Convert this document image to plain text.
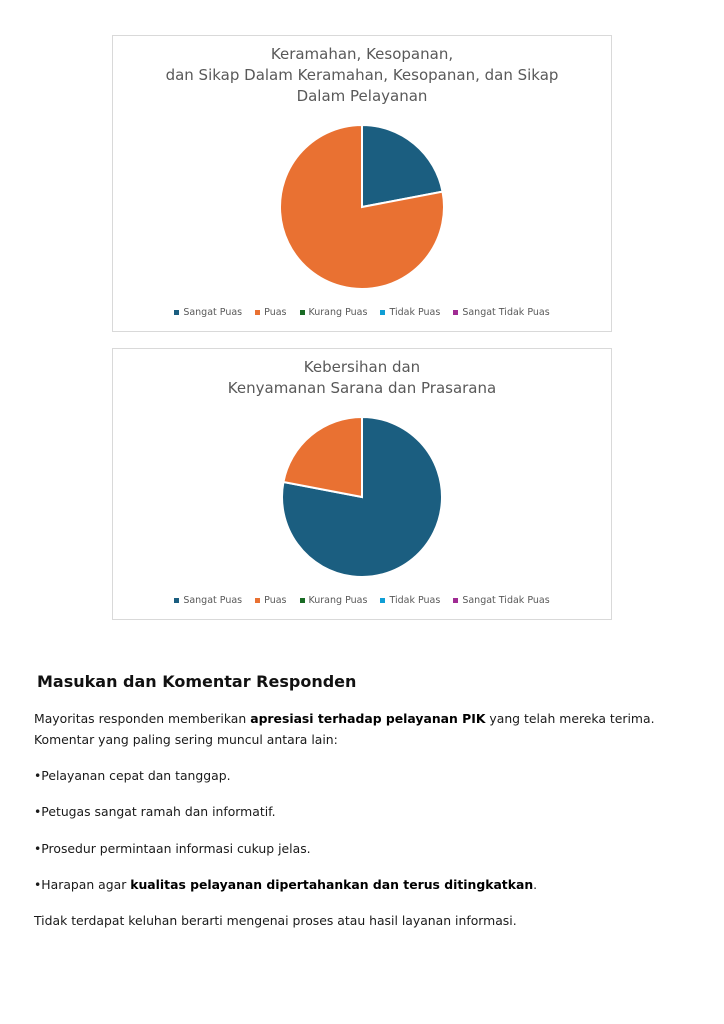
Keramahan, Kesopanan,
dan Sikap Dalam Keramahan, Kesopanan, dan Sikap
Dalam Pelayanan
Sangat Puas Puas Kurang Puas Tidak Puas Sangat Tidak Puas
Kebersihan dan
Kenyamanan Sarana dan Prasarana
Sangat Puas Puas Kurang Puas Tidak Puas Sangat Tidak Puas
Masukan dan Komentar Responden
Mayoritas responden memberikan apresiasi terhadap pelayanan PIK yang telah mereka terima.
Komentar yang paling sering muncul antara lain:
•Pelayanan cepat dan tanggap.
•Petugas sangat ramah dan informatif.
•Prosedur permintaan informasi cukup jelas.
•Harapan agar kualitas pelayanan dipertahankan dan terus ditingkatkan.
Tidak terdapat keluhan berarti mengenai proses atau hasil layanan informasi.
